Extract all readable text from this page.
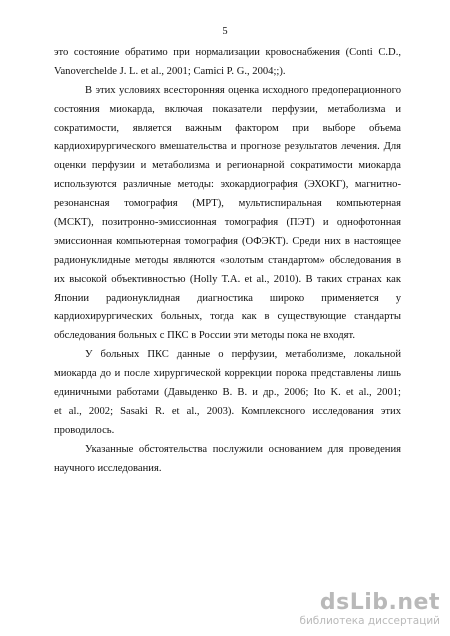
5
это состояние обратимо при нормализации кровоснабжения (Conti C.D.,
Vanoverchelde J. L. et al., 2001; Camici P. G., 2004;;).
В этих условиях всесторонняя оценка исходного предоперационного
состояния миокарда, включая показатели перфузии, метаболизма и
сократимости, является важным фактором при выборе объема
кардиохирургического вмешательства и прогнозе результатов лечения. Для
оценки перфузии и метаболизма и регионарной сократимости миокарда
используются различные методы: эхокардиография (ЭХОКГ), магнитно-
резонансная томография (МРТ), мультиспиральная компьютерная
(МСКТ), позитронно-эмиссионная томография (ПЭТ) и однофотонная
эмиссионная компьютерная томография (ОФЭКТ). Среди них в настоящее
радионуклидные методы являются «золотым стандартом» обследования в
их высокой объективностью (Holly T.A. et al., 2010). В таких странах как
Японии радионуклидная диагностика широко применяется у
кардиохирургических больных, тогда как в существующие стандарты
обследования больных с ПКС в России эти методы пока не входят.
У больных ПКС данные о перфузии, метаболизме, локальной
миокарда до и после хирургической коррекции порока представлены лишь
единичными работами (Давыденко В. В. и др., 2006; Ito K. et al., 2001;
et al., 2002; Sasaki R. et al., 2003). Комплексного исследования этих
проводилось.
Указанные обстоятельства послужили основанием для проведения
научного исследования.
dsLib.net
библиотека диссертаций
